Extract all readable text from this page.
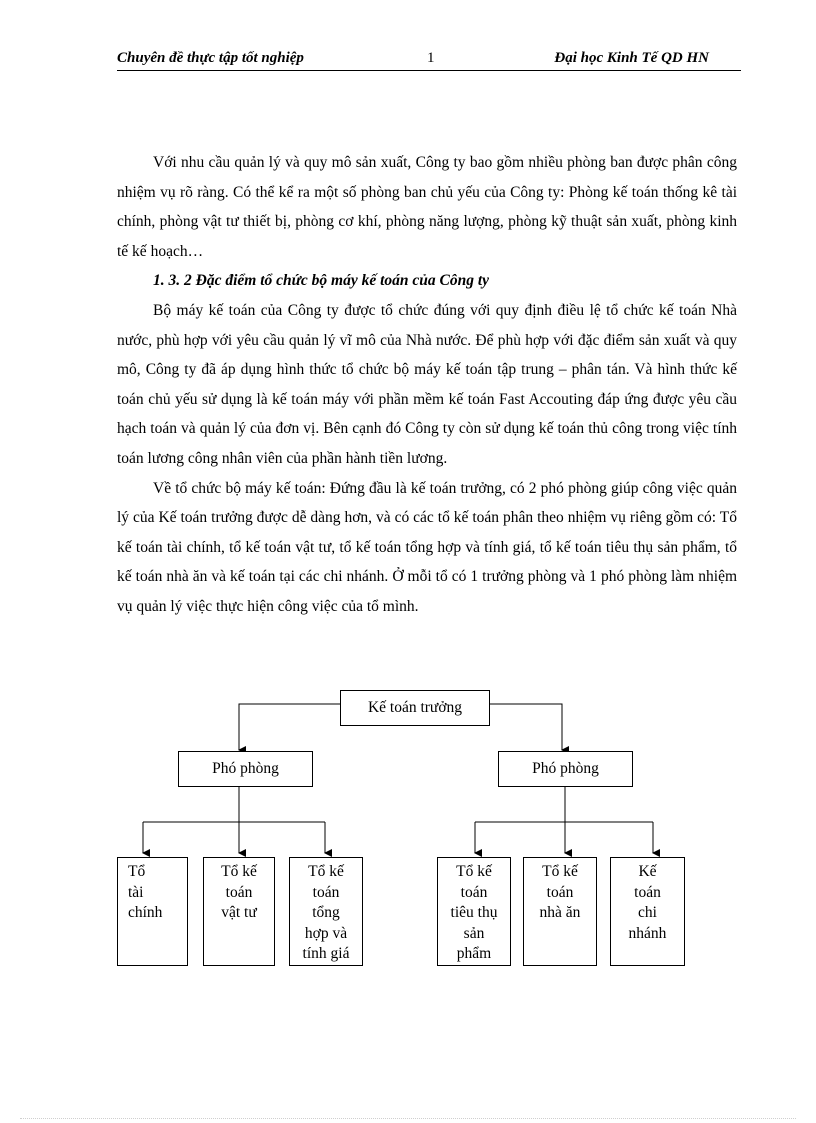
Chuyên đề thực tập tốt nghiệp	1	Đại học Kinh Tế QD HN

Với nhu cầu quản lý và quy mô sản xuất, Công ty bao gồm nhiều phòng ban được phân công nhiệm vụ rõ ràng. Có thể kể ra một số phòng ban chủ yếu của Công ty: Phòng kế toán thống kê tài chính, phòng vật tư thiết bị, phòng cơ khí, phòng năng lượng, phòng kỹ thuật sản xuất, phòng kinh tế kế hoạch…

1. 3. 2 Đặc điểm tổ chức bộ máy kế toán của Công ty

Bộ máy kế toán của Công ty được tổ chức đúng với quy định điều lệ tổ chức kế toán Nhà nước, phù hợp với yêu cầu quản lý vĩ mô của Nhà nước. Để phù hợp với đặc điểm sản xuất và quy mô, Công ty đã áp dụng hình thức tổ chức bộ máy kế toán tập trung – phân tán. Và hình thức kế toán chủ yếu sử dụng là kế toán máy với phần mềm kế toán Fast Accouting đáp ứng được yêu cầu hạch toán và quản lý của đơn vị. Bên cạnh đó Công ty còn sử dụng kế toán thủ công trong việc tính toán lương công nhân viên của phần hành tiền lương.

Về tổ chức bộ máy kế toán: Đứng đầu là kế toán trưởng, có 2 phó phòng giúp công việc quản lý của Kế toán trưởng được dễ dàng hơn, và có các tổ kế toán phân theo nhiệm vụ riêng gồm có: Tổ kế toán tài chính, tổ kế toán vật tư, tổ kế toán tổng hợp và tính giá, tổ kế toán tiêu thụ sản phẩm, tổ kế toán nhà ăn và kế toán tại các chi nhánh. Ở mỗi tổ có 1 trưởng phòng và 1 phó phòng làm nhiệm vụ quản lý việc thực hiện công việc của tổ mình.

Kế toán trưởng
Phó phòng	Phó phòng
Tổ
tài
chính
Tổ kế
toán
vật tư
Tổ kế
toán
tổng
hợp và
tính giá
Tổ kế
toán
tiêu thụ
sản
phẩm
Tổ kế
toán
nhà ăn
Kế
toán
chi
nhánh
